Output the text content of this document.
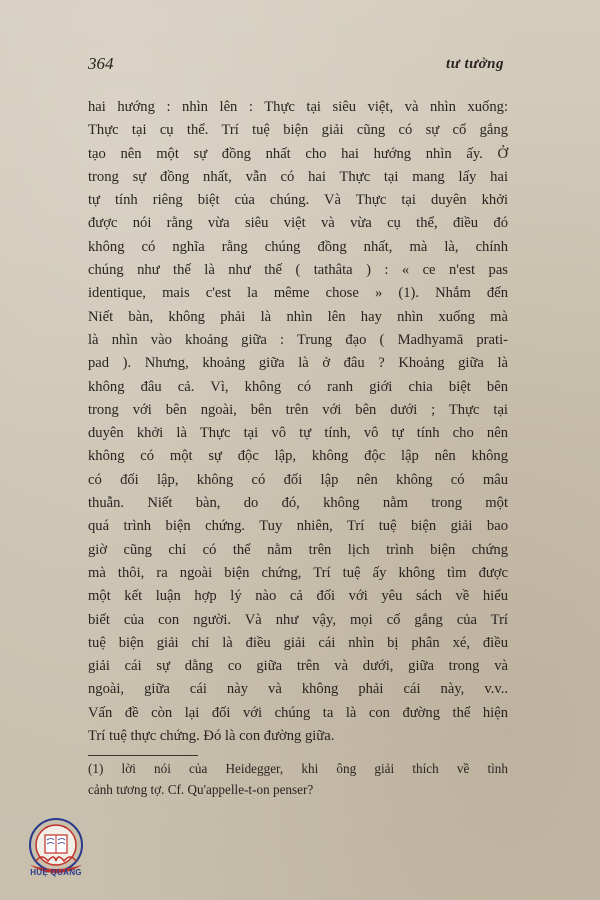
364	tư tưởng
hai hướng : nhìn lên : Thực tại siêu việt, và nhìn xuống:
Thực tại cụ thể. Trí tuệ biện giải cũng có sự cố gắng
tạo nên một sự đồng nhất cho hai hướng nhìn ấy. Ở
trong sự đồng nhất, vẫn có hai Thực tại mang lấy hai
tự tính riêng biệt của chúng. Và Thực tại duyên khởi
được nói rằng vừa siêu việt và vừa cụ thể, điều đó
không có nghĩa rằng chúng đồng nhất, mà là, chính
chúng như thế là như thế ( tathâta ) : « ce n'est pas
identique, mais c'est la même chose » (1). Nhắm đến
Niết bàn, không phải là nhìn lên hay nhìn xuống mà
là nhìn vào khoảng giữa : Trung đạo ( Madhyamā prati-
pad ). Nhưng, khoảng giữa là ở đâu ? Khoảng giữa là
không đâu cả. Vì, không có ranh giới chia biệt bên
trong với bên ngoài, bên trên với bên dưới ; Thực tại
duyên khởi là Thực tại vô tự tính, vô tự tính cho nên
không có một sự độc lập, không độc lập nên không
có đối lập, không có đối lập nên không có mâu
thuẫn. Niết bàn, do đó, không nằm trong một
quá trình biện chứng. Tuy nhiên, Trí tuệ biện giải bao
giờ cũng chỉ có thể nằm trên lịch trình biện chứng
mà thôi, ra ngoài biện chứng, Trí tuệ ấy không tìm được
một kết luận hợp lý nào cả đối với yêu sách về hiểu
biết của con người. Và như vậy, mọi cố gắng của Trí
tuệ biện giải chỉ là điều giải cái nhìn bị phân xé, điều
giải cái sự dằng co giữa trên và dưới, giữa trong và
ngoài, giữa cái này và không phải cái này, v.v..
Vấn đề còn lại đối với chúng ta là con đường thể hiện
Trí tuệ thực chứng. Đó là con đường giữa.
(1) lời nói của Heidegger, khi ông giải thích về tình
cảnh tương tợ. Cf. Qu'appelle-t-on penser?
HUỆ QUANG
